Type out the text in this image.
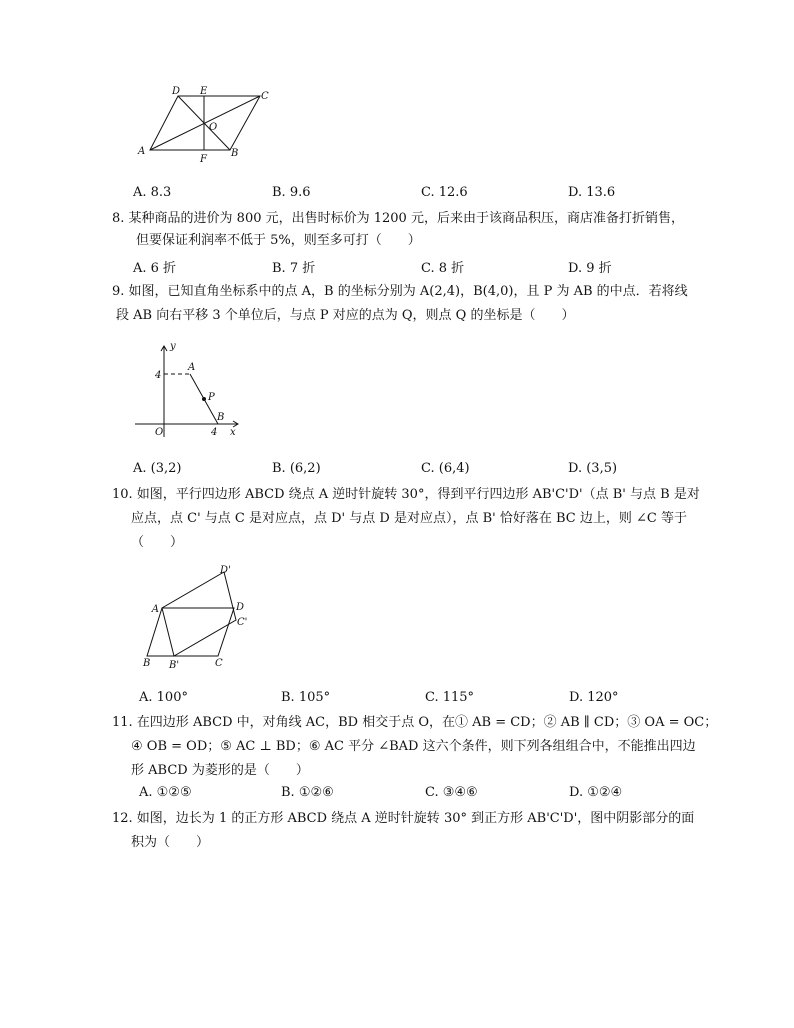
A
D E	C
O
B
F
A. 8.3	B. 9.6	C. 12.6	D. 13.6
8. 某种商品的进价为 800 元，出售时标价为 1200 元，后来由于该商品积压，商店准备打折销售，
但要保证利润率不低于 5%，则至多可打（　　）
A. 6 折	B. 7 折	C. 8 折	D. 9 折
9. 如图，已知直角坐标系中的点 A，B 的坐标分别为 A(2,4)，B(4,0)，且 P 为 AB 的中点．若将线
段 AB 向右平移 3 个单位后，与点 P 对应的点为 Q，则点 Q 的坐标是（　　）
y
x
O
4
4
A
P
B
A. (3,2)	B. (6,2)	C. (6,4)	D. (3,5)
10. 如图，平行四边形 ABCD 绕点 A 逆时针旋转 30°，得到平行四边形 AB'C'D'（点 B' 与点 B 是对
应点，点 C' 与点 C 是对应点，点 D' 与点 D 是对应点），点 B' 恰好落在 BC 边上，则 ∠C 等于
（　　）
A
B B'	C
D
C'
D'
A. 100°	B. 105°	C. 115°	D. 120°
11. 在四边形 ABCD 中，对角线 AC，BD 相交于点 O，在① AB = CD；② AB ∥ CD；③ OA = OC；
④ OB = OD；⑤ AC ⊥ BD；⑥ AC 平分 ∠BAD 这六个条件，则下列各组组合中，不能推出四边
形 ABCD 为菱形的是（　　）
A. ①②⑤	B. ①②⑥	C. ③④⑥	D. ①②④
12. 如图，边长为 1 的正方形 ABCD 绕点 A 逆时针旋转 30° 到正方形 AB'C'D'，图中阴影部分的面
积为（　　）
